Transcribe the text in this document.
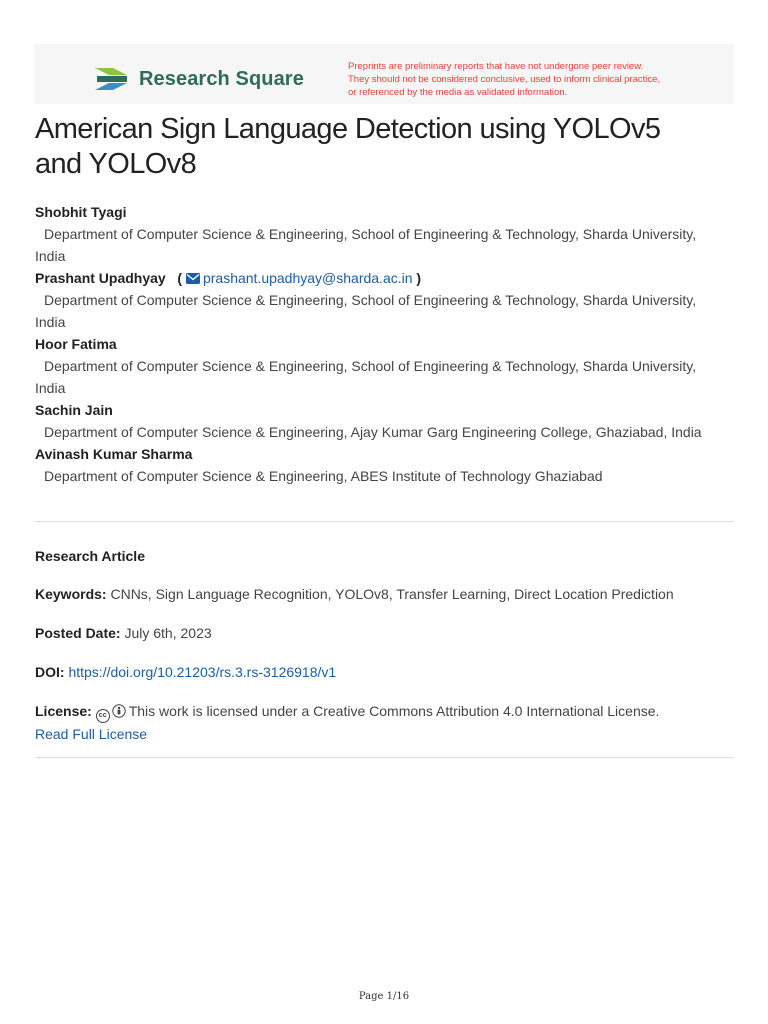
Research Square
Preprints are preliminary reports that have not undergone peer review.
They should not be considered conclusive, used to inform clinical practice,
or referenced by the media as validated information.
American Sign Language Detection using YOLOv5
and YOLOv8
Shobhit Tyagi
Department of Computer Science & Engineering, School of Engineering & Technology, Sharda University,
India
Prashant Upadhyay ( prashant.upadhyay@sharda.ac.in )
Department of Computer Science & Engineering, School of Engineering & Technology, Sharda University,
India
Hoor Fatima
Department of Computer Science & Engineering, School of Engineering & Technology, Sharda University,
India
Sachin Jain
Department of Computer Science & Engineering, Ajay Kumar Garg Engineering College, Ghaziabad, India
Avinash Kumar Sharma
Department of Computer Science & Engineering, ABES Institute of Technology Ghaziabad
Research Article
Keywords: CNNs, Sign Language Recognition, YOLOv8, Transfer Learning, Direct Location Prediction
Posted Date: July 6th, 2023
DOI: https://doi.org/10.21203/rs.3.rs-3126918/v1
License: cc This work is licensed under a Creative Commons Attribution 4.0 International License.
Read Full License
Page 1/16
